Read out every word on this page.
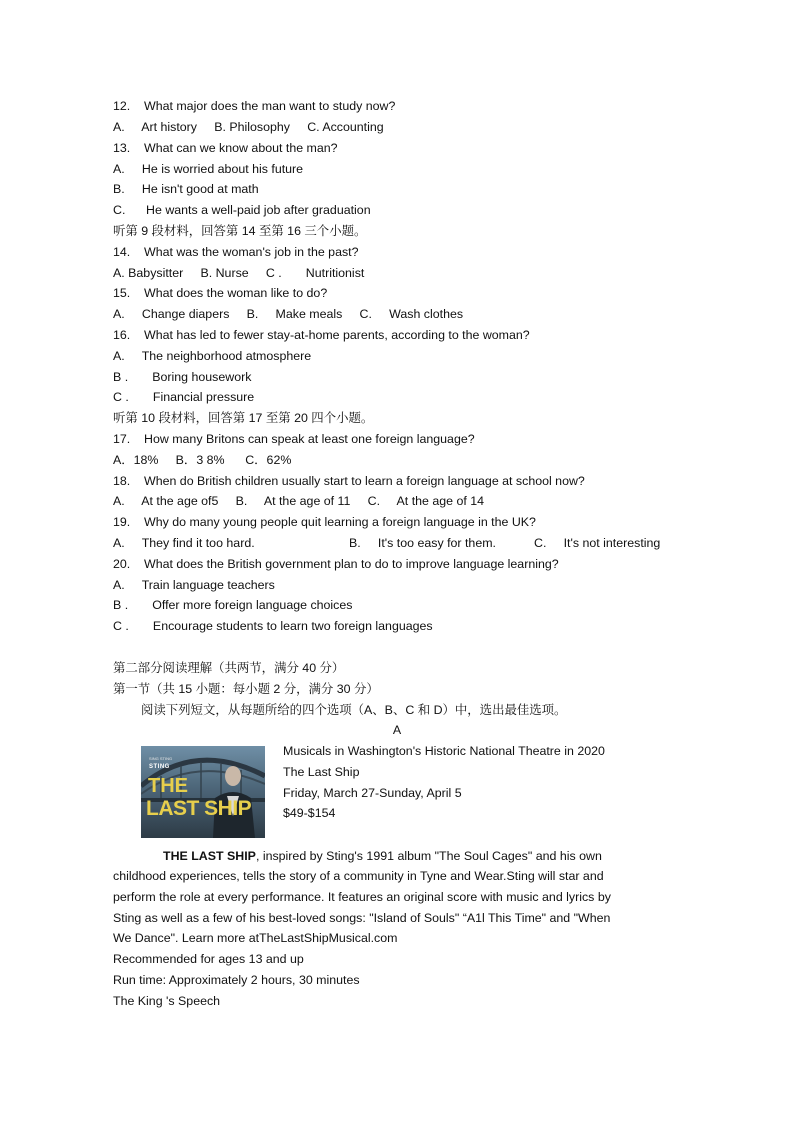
12.    What major does the man want to study now?
A.     Art history     B. Philosophy     C. Accounting
13.    What can we know about the man?
A.     He is worried about his future
B.     He isn't good at math
C.      He wants a well-paid job after graduation
听第 9 段材料，回答第 14 至第 16 三个小题。
14.    What was the woman's job in the past?
A. Babysitter     B. Nurse     C .       Nutritionist
15.    What does the woman like to do?
A.     Change diapers     B.     Make meals     C.     Wash clothes
16.    What has led to fewer stay-at-home parents, according to the woman?
A.     The neighborhood atmosphere
B .       Boring housework
C .       Financial pressure
听第 10 段材料，回答第 17 至第 20 四个小题。
17.    How many Britons can speak at least one foreign language?
A．18%     B．3 8%      C．62%
18.    When do British children usually start to learn a foreign language at school now?
A.     At the age of5     B.     At the age of 11     C.     At the age of 14
19.    Why do many young people quit learning a foreign language in the UK?
A.     They find it too hard.	B.     It's too easy for them.	C.     It's not interesting
20.    What does the British government plan to do to improve language learning?
A.     Train language teachers
B .       Offer more foreign language choices
C .       Encourage students to learn two foreign languages
第二部分阅读理解（共两节，满分 40 分）
第一节（共 15 小题：每小题 2 分，满分 30 分）
阅读下列短文，从每题所给的四个选项（A、B、C 和 D）中，选出最佳选项。
A
SING STING
STING
THE
LAST SHIP
Musicals in Washington's Historic National Theatre in 2020
The Last Ship
Friday, March 27-Sunday, April 5
$49-$154
THE LAST SHIP, inspired by Sting's 1991 album "The Soul Cages" and his own
childhood experiences, tells the story of a community in Tyne and Wear.Sting will star and
perform the role at every performance. It features an original score with music and lyrics by
Sting as well as a few of his best-loved songs: "Island of Souls" “A1l This Time" and "When
We Dance". Learn more atTheLastShipMusical.com
Recommended for ages 13 and up
Run time: Approximately 2 hours, 30 minutes
The King 's Speech
